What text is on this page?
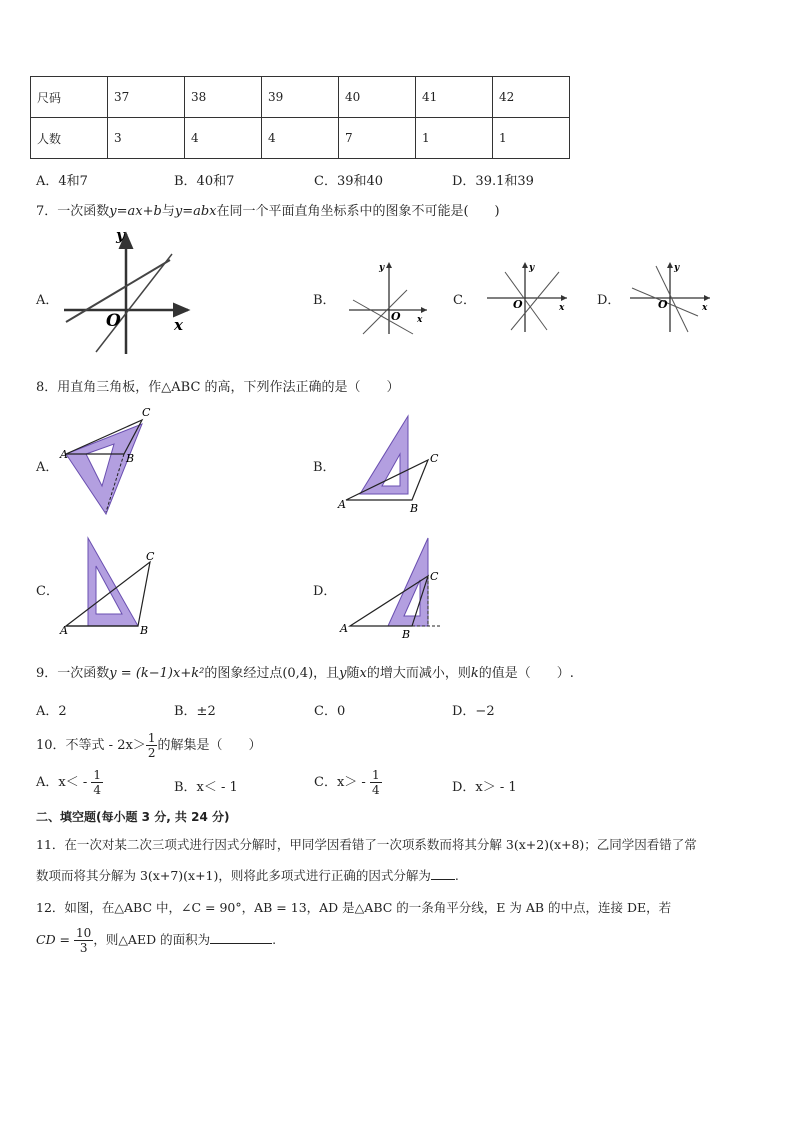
尺码	37	38	39	40	41	42
人数	3	4	4	7	1	1
A．4和7	B．40和7	C．39和40	D．39.1和39
7．一次函数y=ax+b与y=abx在同一个平面直角坐标系中的图象不可能是(　　)
A．	B．	C．	D．
y
x
O
y
x
O
y
x
O
y
x
O
8．用直角三角板，作△ABC 的高，下列作法正确的是（　　）
A．	B．
C．	D．
A	B
C
A	B
C
A	B
C
A	B
C
9．一次函数y = (k−1)x+k²的图象经过点(0,4)，且y随x的增大而减小，则k的值是（　　）.
A．2	B．±2	C．0	D．−2
10．不等式 - $2x> \frac{1}{2}$ 的解集是（　　）
A．$x< - \frac{1}{4}$	B．x＜ - 1	C．$x> - \frac{1}{4}$	D．x＞ - 1
二、填空题(每小题 3 分, 共 24 分)
11．在一次对某二次三项式进行因式分解时，甲同学因看错了一次项系数而将其分解 3(x+2)(x+8)；乙同学因看错了常
数项而将其分解为 3(x+7)(x+1)，则将此多项式进行正确的因式分解为 .
12．如图，在△ABC 中，∠C = 90°，AB = 13，AD 是△ABC 的一条角平分线，E 为 AB 的中点，连接 DE，若
CD = $\frac{10}{3}$ ，则△AED 的面积为	.
